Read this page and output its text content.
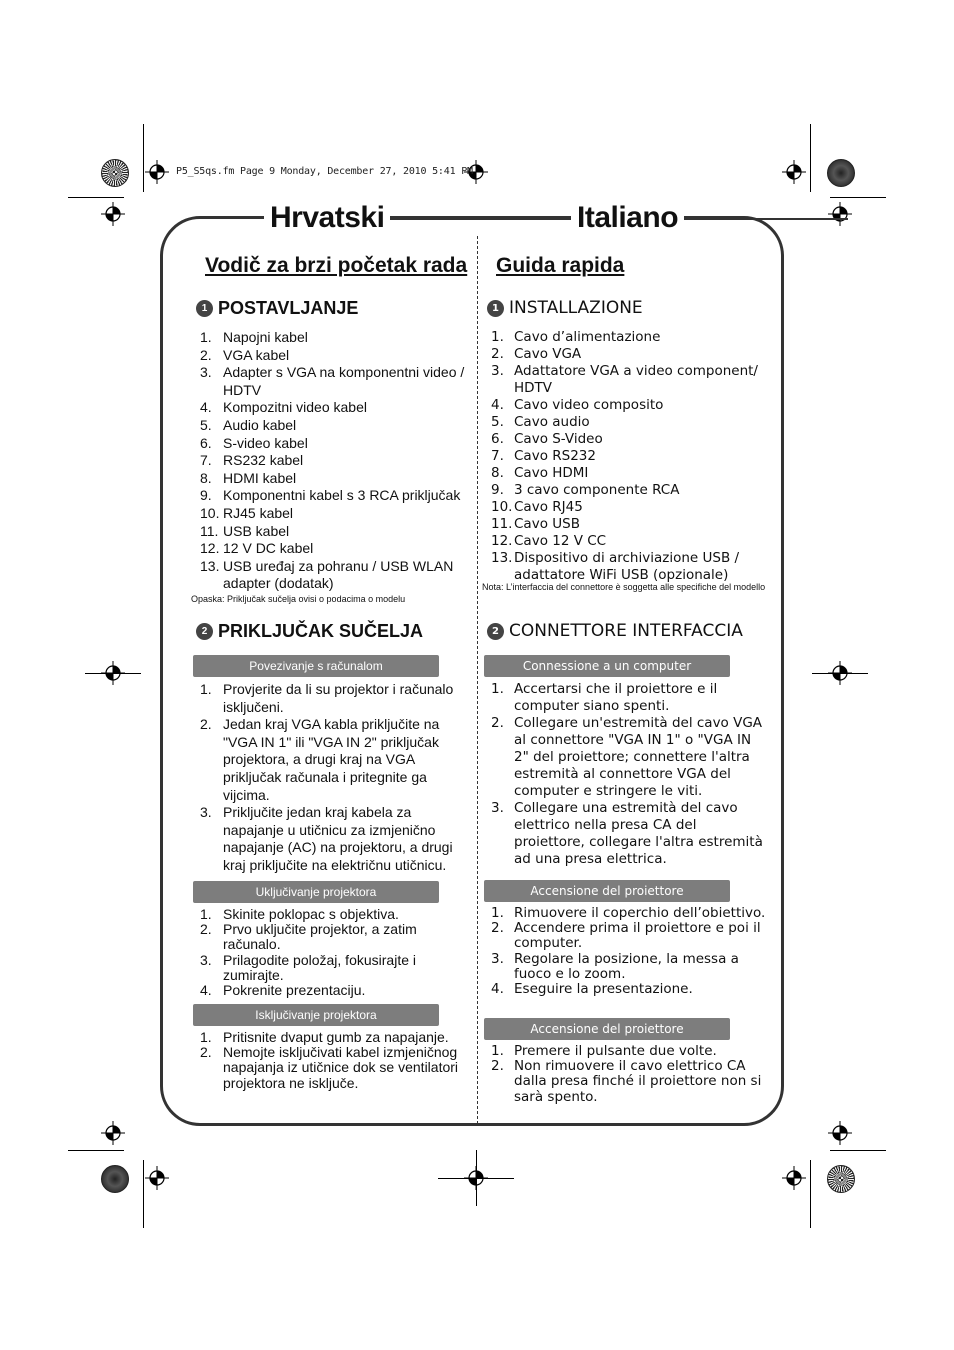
P5_S5qs.fm Page 9 Monday, December 27, 2010 5:41 PM
Hrvatski	Italiano
Vodič za brzi početak rada
1 POSTAVLJANJE
1. Napojni kabel
2. VGA kabel
3. Adapter s VGA na komponentni video / HDTV
4. Kompozitni video kabel
5. Audio kabel
6. S-video kabel
7. RS232 kabel
8. HDMI kabel
9. Komponentni kabel s 3 RCA priključak
10. RJ45 kabel
11. USB kabel
12. 12 V DC kabel
13. USB uređaj za pohranu / USB WLAN adapter (dodatak)
Opaska: Priključak sučelja ovisi o podacima o modelu
2 PRIKLJUČAK SUČELJA
Povezivanje s računalom
1. Provjerite da li su projektor i računalo isključeni.
2. Jedan kraj VGA kabla priključite na "VGA IN 1" ili "VGA IN 2" priključak projektora, a drugi kraj na VGA priključak računala i pritegnite ga vijcima.
3. Priključite jedan kraj kabela za napajanje u utičnicu za izmjenično napajanje (AC) na projektoru, a drugi kraj priključite na električnu utičnicu.
Uključivanje projektora
1. Skinite poklopac s objektiva.
2. Prvo uključite projektor, a zatim računalo.
3. Prilagodite položaj, fokusirajte i zumirajte.
4. Pokrenite prezentaciju.
Isključivanje projektora
1. Pritisnite dvaput gumb za napajanje.
2. Nemojte isključivati kabel izmjeničnog napajanja iz utičnice dok se ventilatori projektora ne isključe.
Guida rapida
1 INSTALLAZIONE
1. Cavo d’alimentazione
2. Cavo VGA
3. Adattatore VGA a video component/ HDTV
4. Cavo video composito
5. Cavo audio
6. Cavo S-Video
7. Cavo RS232
8. Cavo HDMI
9. 3 cavo componente RCA
10. Cavo RJ45
11. Cavo USB
12. Cavo 12 V CC
13. Dispositivo di archiviazione USB / adattatore WiFi USB (opzionale)
Nota: L’interfaccia del connettore è soggetta alle specifiche del modello
2 CONNETTORE INTERFACCIA
Connessione a un computer
1. Accertarsi che il proiettore e il computer siano spenti.
2. Collegare un'estremità del cavo VGA al connettore "VGA IN 1" o "VGA IN 2" del proiettore; connettere l'altra estremità al connettore VGA del computer e stringere le viti.
3. Collegare una estremità del cavo elettrico nella presa CA del proiettore, collegare l'altra estremità ad una presa elettrica.
Accensione del proiettore
1. Rimuovere il coperchio dell’obiettivo.
2. Accendere prima il proiettore e poi il computer.
3. Regolare la posizione, la messa a fuoco e lo zoom.
4. Eseguire la presentazione.
Accensione del proiettore
1. Premere il pulsante due volte.
2. Non rimuovere il cavo elettrico CA dalla presa finché il proiettore non si sarà spento.
